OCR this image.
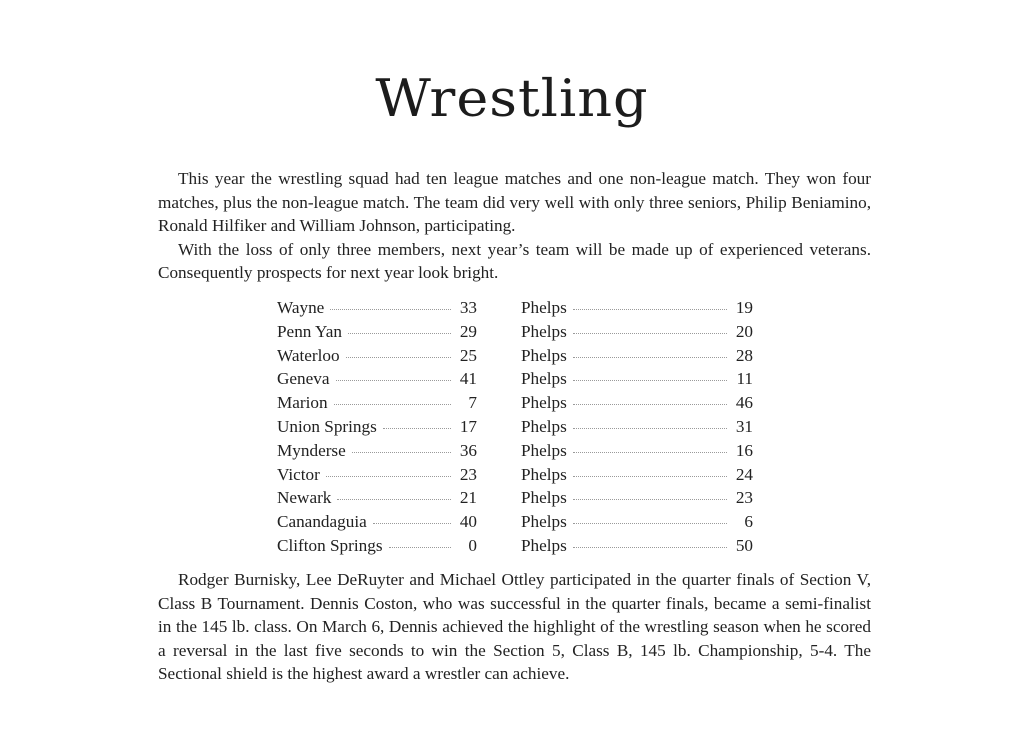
Wrestling

This year the wrestling squad had ten league matches and one non-league match. They won four matches, plus the non-league match. The team did very well with only three seniors, Philip Beniamino, Ronald Hilfiker and William Johnson, participating.

With the loss of only three members, next year’s team will be made up of experienced veterans. Consequently prospects for next year look bright.

Wayne	33	Phelps	19
Penn Yan	29	Phelps	20
Waterloo	25	Phelps	28
Geneva	41	Phelps	11
Marion	7	Phelps	46
Union Springs	17	Phelps	31
Mynderse	36	Phelps	16
Victor	23	Phelps	24
Newark	21	Phelps	23
Canandaguia	40	Phelps	6
Clifton Springs	0	Phelps	50

Rodger Burnisky, Lee DeRuyter and Michael Ottley participated in the quarter finals of Section V, Class B Tournament. Dennis Coston, who was successful in the quarter finals, became a semi-finalist in the 145 lb. class. On March 6, Dennis achieved the highlight of the wrestling season when he scored a reversal in the last five seconds to win the Section 5, Class B, 145 lb. Championship, 5-4. The Sectional shield is the highest award a wrestler can achieve.
